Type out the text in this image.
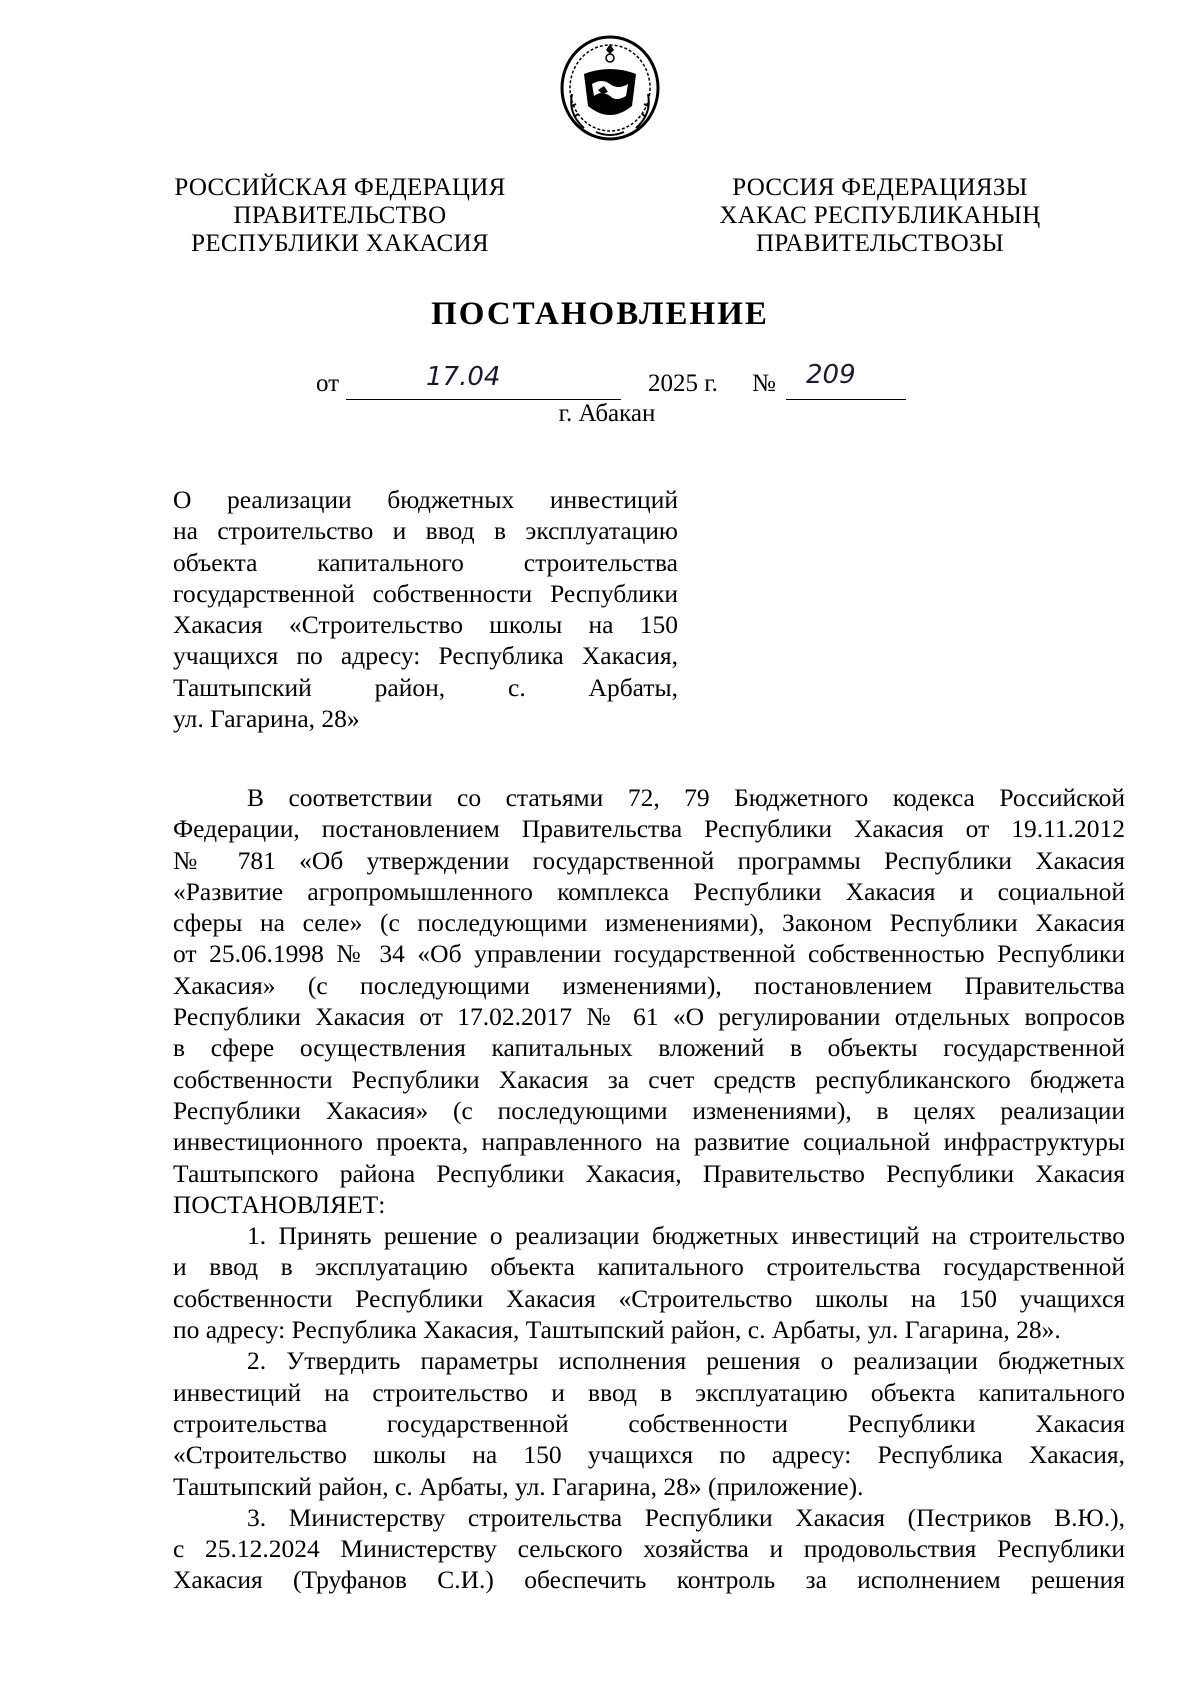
РОССИЙСКАЯ ФЕДЕРАЦИЯ
ПРАВИТЕЛЬСТВО
РЕСПУБЛИКИ ХАКАСИЯ
РОССИЯ ФЕДЕРАЦИЯЗЫ
ХАКАС РЕСПУБЛИКАНЫҢ
ПРАВИТЕЛЬСТВОЗЫ
ПОСТАНОВЛЕНИЕ
от	17.04	2025 г. № 209
г. Абакан
О реализации бюджетных инвестиций
на строительство и ввод в эксплуатацию
объекта капитального строительства
государственной собственности Республики
Хакасия «Строительство школы на 150
учащихся по адресу: Республика Хакасия,
Таштыпский район, с. Арбаты,
ул. Гагарина, 28»
В соответствии со статьями 72, 79 Бюджетного кодекса Российской
Федерации, постановлением Правительства Республики Хакасия от 19.11.2012
№ 781 «Об утверждении государственной программы Республики Хакасия
«Развитие агропромышленного комплекса Республики Хакасия и социальной
сферы на селе» (с последующими изменениями), Законом Республики Хакасия
от 25.06.1998 № 34 «Об управлении государственной собственностью Республики
Хакасия» (с последующими изменениями), постановлением Правительства
Республики Хакасия от 17.02.2017 № 61 «О регулировании отдельных вопросов
в сфере осуществления капитальных вложений в объекты государственной
собственности Республики Хакасия за счет средств республиканского бюджета
Республики Хакасия» (с последующими изменениями), в целях реализации
инвестиционного проекта, направленного на развитие социальной инфраструктуры
Таштыпского района Республики Хакасия, Правительство Республики Хакасия
ПОСТАНОВЛЯЕТ:
1. Принять решение о реализации бюджетных инвестиций на строительство
и ввод в эксплуатацию объекта капитального строительства государственной
собственности Республики Хакасия «Строительство школы на 150 учащихся
по адресу: Республика Хакасия, Таштыпский район, с. Арбаты, ул. Гагарина, 28».
2. Утвердить параметры исполнения решения о реализации бюджетных
инвестиций на строительство и ввод в эксплуатацию объекта капитального
строительства государственной собственности Республики Хакасия
«Строительство школы на 150 учащихся по адресу: Республика Хакасия,
Таштыпский район, с. Арбаты, ул. Гагарина, 28» (приложение).
3. Министерству строительства Республики Хакасия (Пестриков В.Ю.),
с 25.12.2024 Министерству сельского хозяйства и продовольствия Республики
Хакасия (Труфанов С.И.) обеспечить контроль за исполнением решения
